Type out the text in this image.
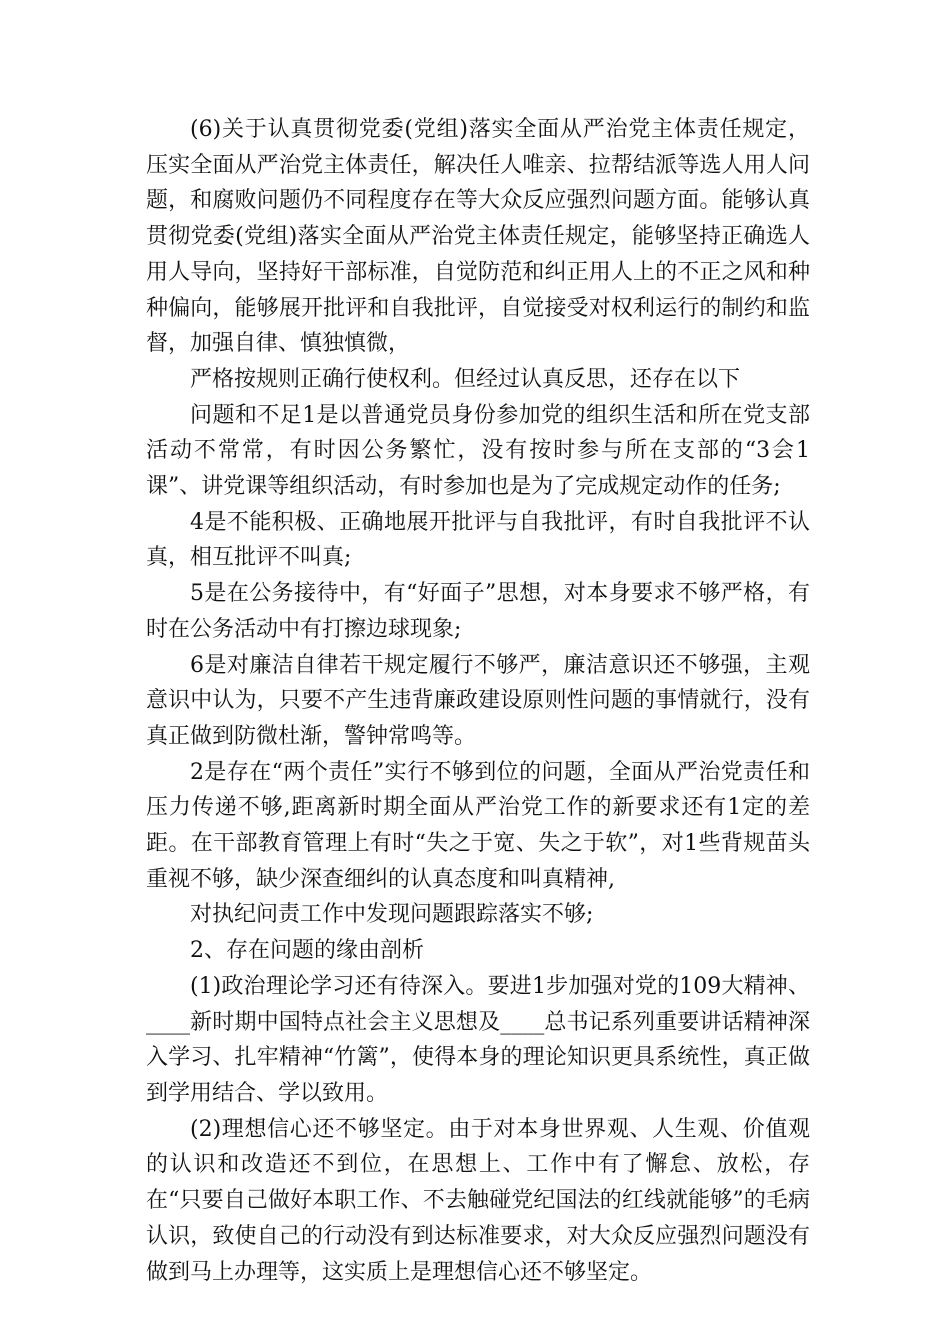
(6)关于认真贯彻党委(党组)落实全面从严治党主体责任规定，压实全面从严治党主体责任，解决任人唯亲、拉帮结派等选人用人问题，和腐败问题仍不同程度存在等大众反应强烈问题方面。能够认真贯彻党委(党组)落实全面从严治党主体责任规定，能够坚持正确选人用人导向，坚持好干部标准，自觉防范和纠正用人上的不正之风和种种偏向，能够展开批评和自我批评，自觉接受对权利运行的制约和监督，加强自律、慎独慎微，

严格按规则正确行使权利。但经过认真反思，还存在以下

问题和不足1是以普通党员身份参加党的组织生活和所在党支部活动不常常，有时因公务繁忙，没有按时参与所在支部的“3会1课”、讲党课等组织活动，有时参加也是为了完成规定动作的任务;

4是不能积极、正确地展开批评与自我批评，有时自我批评不认真，相互批评不叫真;

5是在公务接待中，有“好面子”思想，对本身要求不够严格，有时在公务活动中有打擦边球现象;

6是对廉洁自律若干规定履行不够严，廉洁意识还不够强，主观意识中认为，只要不产生违背廉政建设原则性问题的事情就行，没有真正做到防微杜渐，警钟常鸣等。

2是存在“两个责任”实行不够到位的问题，全面从严治党责任和压力传递不够,距离新时期全面从严治党工作的新要求还有1定的差距。在干部教育管理上有时“失之于宽、失之于软”，对1些背规苗头重视不够，缺少深查细纠的认真态度和叫真精神,

对执纪问责工作中发现问题跟踪落实不够;

2、存在问题的缘由剖析

(1)政治理论学习还有待深入。要进1步加强对党的109大精神、____新时期中国特点社会主义思想及____总书记系列重要讲话精神深入学习、扎牢精神“竹篱”，使得本身的理论知识更具系统性，真正做到学用结合、学以致用。

(2)理想信心还不够坚定。由于对本身世界观、人生观、价值观的认识和改造还不到位，在思想上、工作中有了懈怠、放松，存在“只要自己做好本职工作、不去触碰党纪国法的红线就能够”的毛病认识，致使自己的行动没有到达标准要求，对大众反应强烈问题没有做到马上办理等，这实质上是理想信心还不够坚定。
